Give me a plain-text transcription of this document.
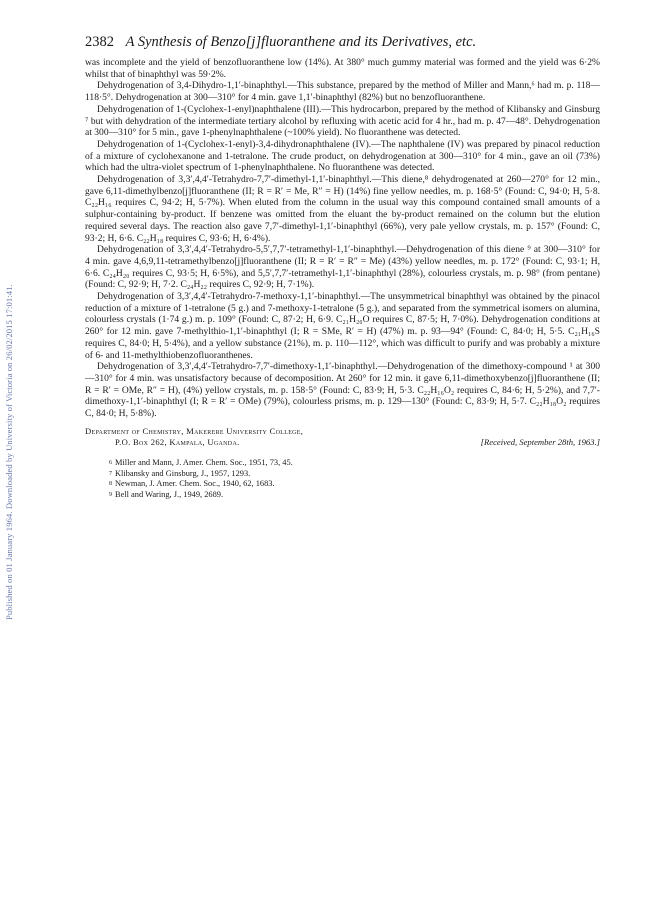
Published on 01 January 1964. Downloaded by University of Victoria on 26/02/2015 17:01:41.
2382 A Synthesis of Benzo[j]fluoranthene and its Derivatives, etc.

was incomplete and the yield of benzofluoranthene low (14%). At 380° much gummy material was formed and the yield was 6·2% whilst that of binaphthyl was 59·2%.

Dehydrogenation of 3,4-Dihydro-1,1′-binaphthyl.—This substance, prepared by the method of Miller and Mann,⁶ had m. p. 118—118·5°. Dehydrogenation at 300—310° for 4 min. gave 1,1′-binaphthyl (82%) but no benzofluoranthene.

Dehydrogenation of 1-(Cyclohex-1-enyl)naphthalene (III).—This hydrocarbon, prepared by the method of Klibansky and Ginsburg ⁷ but with dehydration of the intermediate tertiary alcohol by refluxing with acetic acid for 4 hr., had m. p. 47—48°. Dehydrogenation at 300—310° for 5 min., gave 1-phenylnaphthalene (~100% yield). No fluoranthene was detected.

Dehydrogenation of 1-(Cyclohex-1-enyl)-3,4-dihydronaphthalene (IV).—The naphthalene (IV) was prepared by pinacol reduction of a mixture of cyclohexanone and 1-tetralone. The crude product, on dehydrogenation at 300—310° for 4 min., gave an oil (73%) which had the ultra-violet spectrum of 1-phenylnaphthalene. No fluoranthene was detected.

Dehydrogenation of 3,3′,4,4′-Tetrahydro-7,7′-dimethyl-1,1′-binaphthyl.—This diene,⁸ dehydrogenated at 260—270° for 12 min., gave 6,11-dimethylbenzo[j]fluoranthene (II; R = R′ = Me, R″ = H) (14%) fine yellow needles, m. p. 168·5° (Found: C, 94·0; H, 5·8. C₂₂H₁₆ requires C, 94·2; H, 5·7%). When eluted from the column in the usual way this compound contained small amounts of a sulphur-containing by-product. If benzene was omitted from the eluant the by-product remained on the column but the elution required several days. The reaction also gave 7,7′-dimethyl-1,1′-binaphthyl (66%), very pale yellow crystals, m. p. 157° (Found: C, 93·2; H, 6·6. C₂₂H₁₈ requires C, 93·6; H, 6·4%).

Dehydrogenation of 3,3′,4,4′-Tetrahydro-5,5′,7,7′-tetramethyl-1,1′-binaphthyl.—Dehydrogenation of this diene ⁹ at 300—310° for 4 min. gave 4,6,9,11-tetramethylbenzo[j]fluoranthene (II; R = R′ = R″ = Me) (43%) yellow needles, m. p. 172° (Found: C, 93·1; H, 6·6. C₂₄H₂₀ requires C, 93·5; H, 6·5%), and 5,5′,7,7′-tetramethyl-1,1′-binaphthyl (28%), colourless crystals, m. p. 98° (from pentane) (Found: C, 92·9; H, 7·2. C₂₄H₂₂ requires C, 92·9; H, 7·1%).

Dehydrogenation of 3,3′,4,4′-Tetrahydro-7-methoxy-1,1′-binaphthyl.—The unsymmetrical binaphthyl was obtained by the pinacol reduction of a mixture of 1-tetralone (5 g.) and 7-methoxy-1-tetralone (5 g.), and separated from the symmetrical isomers on alumina, colourless crystals (1·74 g.) m. p. 109° (Found: C, 87·2; H, 6·9. C₂₁H₂₀O requires C, 87·5; H, 7·0%). Dehydrogenation conditions at 260° for 12 min. gave 7-methylthio-1,1′-binaphthyl (I; R = SMe, R′ = H) (47%) m. p. 93—94° (Found: C, 84·0; H, 5·5. C₂₁H₁₆S requires C, 84·0; H, 5·4%), and a yellow substance (21%), m. p. 110—112°, which was difficult to purify and was probably a mixture of 6- and 11-methylthiobenzofluoranthenes.

Dehydrogenation of 3,3′,4,4′-Tetrahydro-7,7′-dimethoxy-1,1′-binaphthyl.—Dehydrogenation of the dimethoxy-compound ¹ at 300—310° for 4 min. was unsatisfactory because of decomposition. At 260° for 12 min. it gave 6,11-dimethoxybenzo[j]fluoranthene (II; R = R′ = OMe, R″ = H), (4%) yellow crystals, m. p. 158·5° (Found: C, 83·9; H, 5·3. C₂₂H₁₆O₂ requires C, 84·6; H, 5·2%), and 7,7′-dimethoxy-1,1′-binaphthyl (I; R = R′ = OMe) (79%), colourless prisms, m. p. 129—130° (Found: C, 83·9; H, 5·7. C₂₂H₁₈O₂ requires C, 84·0; H, 5·8%).

Department of Chemistry, Makerere University College,
P.O. Box 262, Kampala, Uganda.	[Received, September 28th, 1963.]
$^6$ Miller and Mann, J. Amer. Chem. Soc., 1951, 73, 45.
$^7$ Klibansky and Ginsburg, J., 1957, 1293.
$^8$ Newman, J. Amer. Chem. Soc., 1940, 62, 1683.
$^9$ Bell and Waring, J., 1949, 2689.
